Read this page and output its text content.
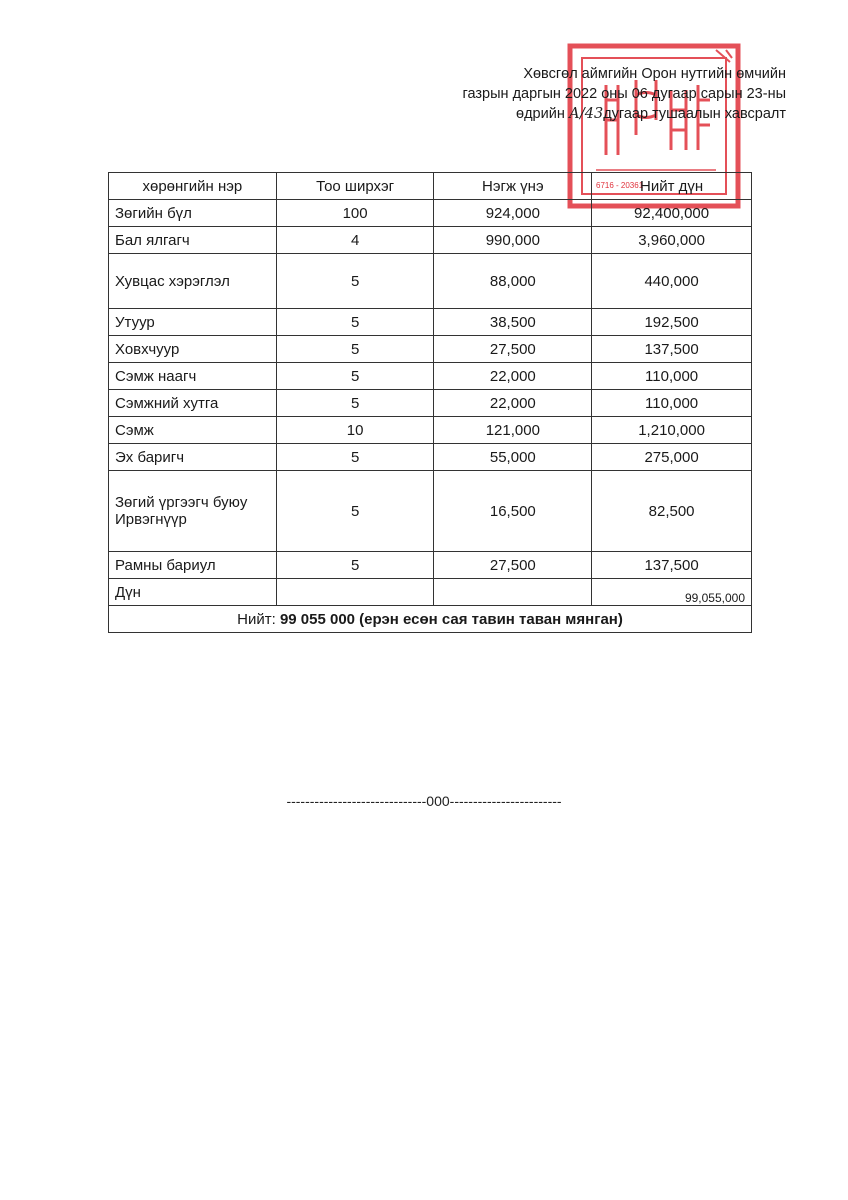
6716 - 20361
Хөвсгөл аймгийн Орон нутгийн өмчийн
газрын даргын 2022 оны 06 дугаар сарын 23-ны
өдрийн А/43дугаар тушаалын хавсралт
хөрөнгийн нэр	Тоо ширхэг	Нэгж үнэ	Нийт дүн
Зөгийн бүл	100	924,000	92,400,000
Бал ялгагч	4	990,000	3,960,000
Хувцас хэрэглэл	5	88,000	440,000
Утуур	5	38,500	192,500
Ховхчуур	5	27,500	137,500
Сэмж наагч	5	22,000	110,000
Сэмжний хутга	5	22,000	110,000
Сэмж	10	121,000	1,210,000
Эх баригч	5	55,000	275,000
Зөгий үргээгч буюу Ирвэгнүүр	5	16,500	82,500
Рамны бариул	5	27,500	137,500
Дүн			99,055,000
Нийт: 99 055 000 (ерэн есөн сая тавин таван мянган)			
------------------------------000------------------------
